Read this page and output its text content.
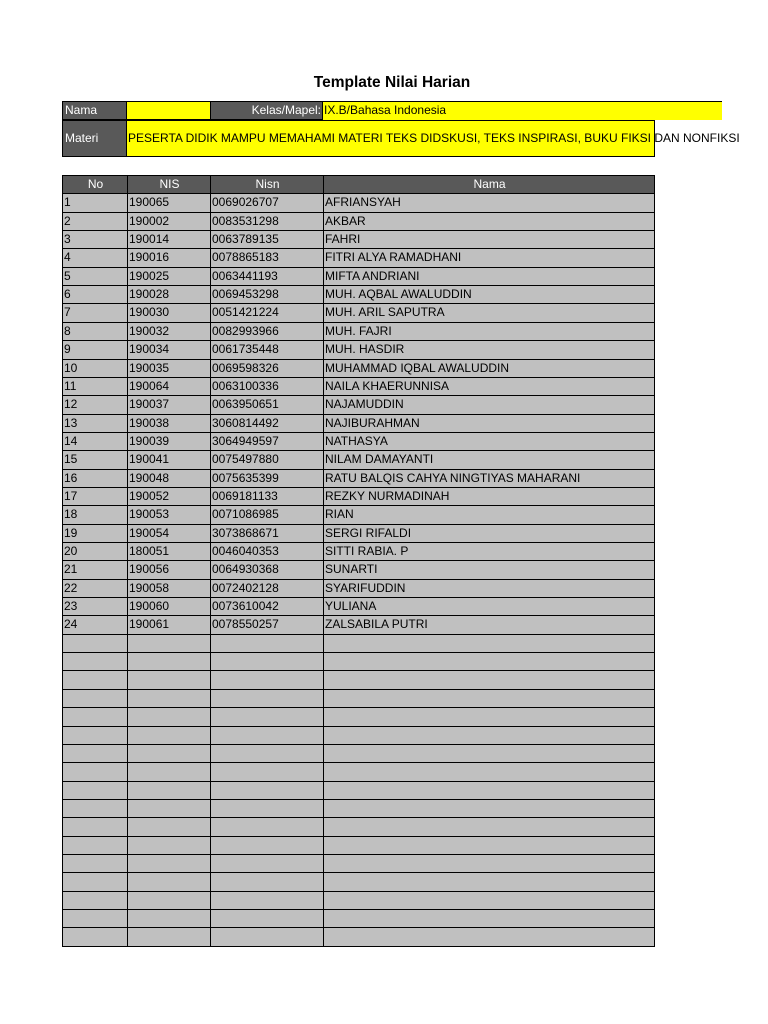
Template Nilai Harian
Nama	Kelas/Mapel: IX.B/Bahasa Indonesia
Materi	PESERTA DIDIK MAMPU MEMAHAMI MATERI TEKS DIDSKUSI, TEKS INSPIRASI, BUKU FIKSI DAN NONFIKSI
No	NIS	Nisn	Nama
1	190065	0069026707	AFRIANSYAH
2	190002	0083531298	AKBAR
3	190014	0063789135	FAHRI
4	190016	0078865183	FITRI ALYA RAMADHANI
5	190025	0063441193	MIFTA ANDRIANI
6	190028	0069453298	MUH. AQBAL AWALUDDIN
7	190030	0051421224	MUH. ARIL SAPUTRA
8	190032	0082993966	MUH. FAJRI
9	190034	0061735448	MUH. HASDIR
10	190035	0069598326	MUHAMMAD IQBAL AWALUDDIN
11	190064	0063100336	NAILA KHAERUNNISA
12	190037	0063950651	NAJAMUDDIN
13	190038	3060814492	NAJIBURAHMAN
14	190039	3064949597	NATHASYA
15	190041	0075497880	NILAM DAMAYANTI
16	190048	0075635399	RATU BALQIS CAHYA NINGTIYAS MAHARANI
17	190052	0069181133	REZKY NURMADINAH
18	190053	0071086985	RIAN
19	190054	3073868671	SERGI RIFALDI
20	180051	0046040353	SITTI RABIA. P
21	190056	0064930368	SUNARTI
22	190058	0072402128	SYARIFUDDIN
23	190060	0073610042	YULIANA
24	190061	0078550257	ZALSABILA PUTRI
